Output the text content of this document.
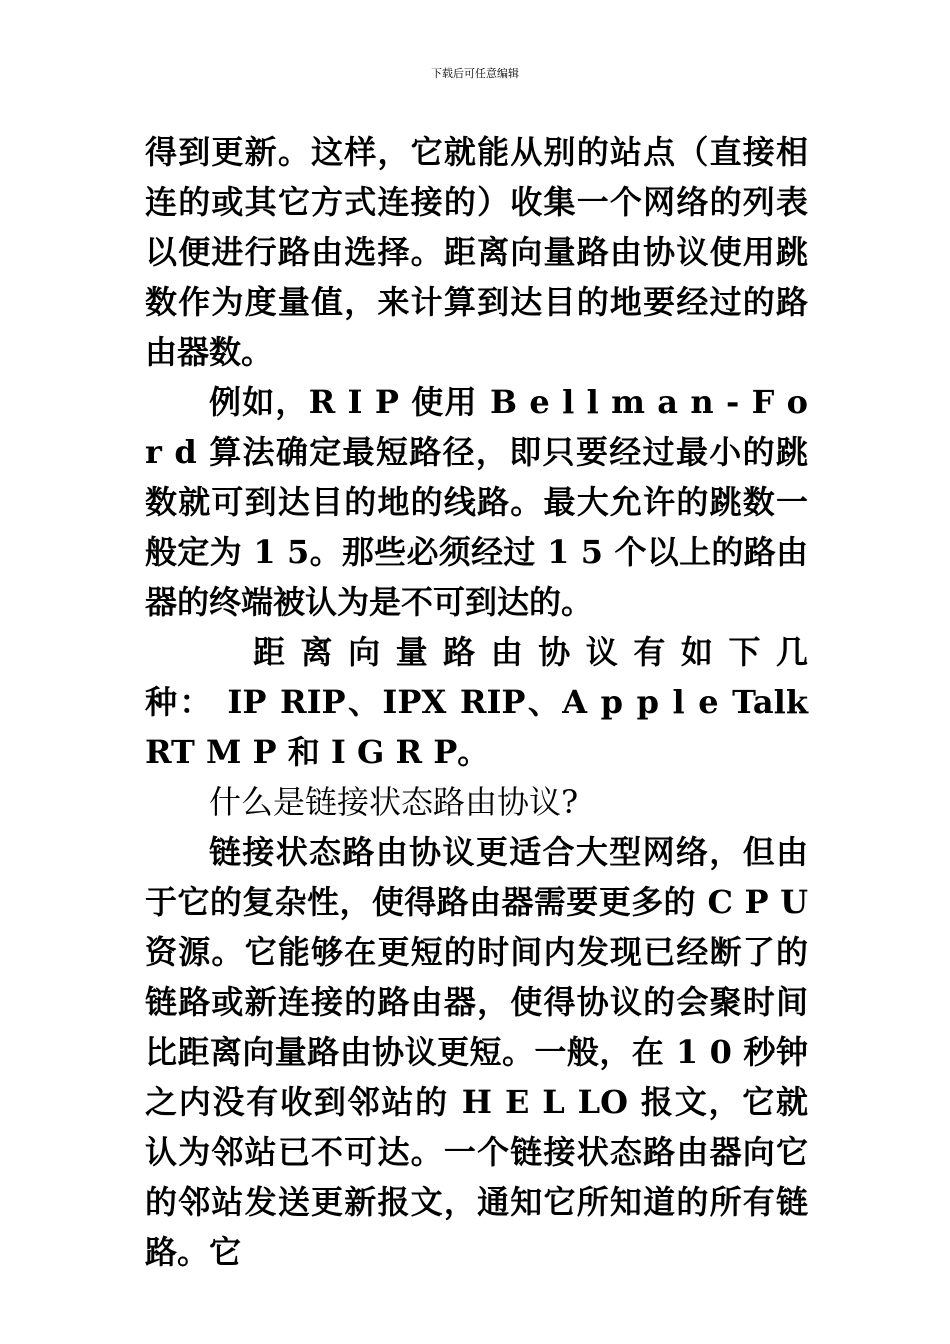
下载后可任意编辑

得到更新。这样，它就能从别的站点（直接相连的或其它方式连接的）收集一个网络的列表以便进行路由选择。距离向量路由协议使用跳数作为度量值，来计算到达目的地要经过的路由器数。

例如，R I P 使用 B e l l m a n - F o r d 算法确定最短路径，即只要经过最小的跳数就可到达目的地的线路。最大允许的跳数一般定为 1 5。那些必须经过 1 5 个以上的路由器的终端被认为是不可到达的。

距 离 向 量 路 由 协 议 有 如 下 几 种： IP RIP、IPX RIP、A p p l e Talk RT M P 和 I G R P。

什么是链接状态路由协议?

链接状态路由协议更适合大型网络，但由于它的复杂性，使得路由器需要更多的 C P U 资源。它能够在更短的时间内发现已经断了的链路或新连接的路由器，使得协议的会聚时间比距离向量路由协议更短。一般，在 1 0 秒钟之内没有收到邻站的 H E L LO 报文，它就认为邻站已不可达。一个链接状态路由器向它的邻站发送更新报文，通知它所知道的所有链路。它
